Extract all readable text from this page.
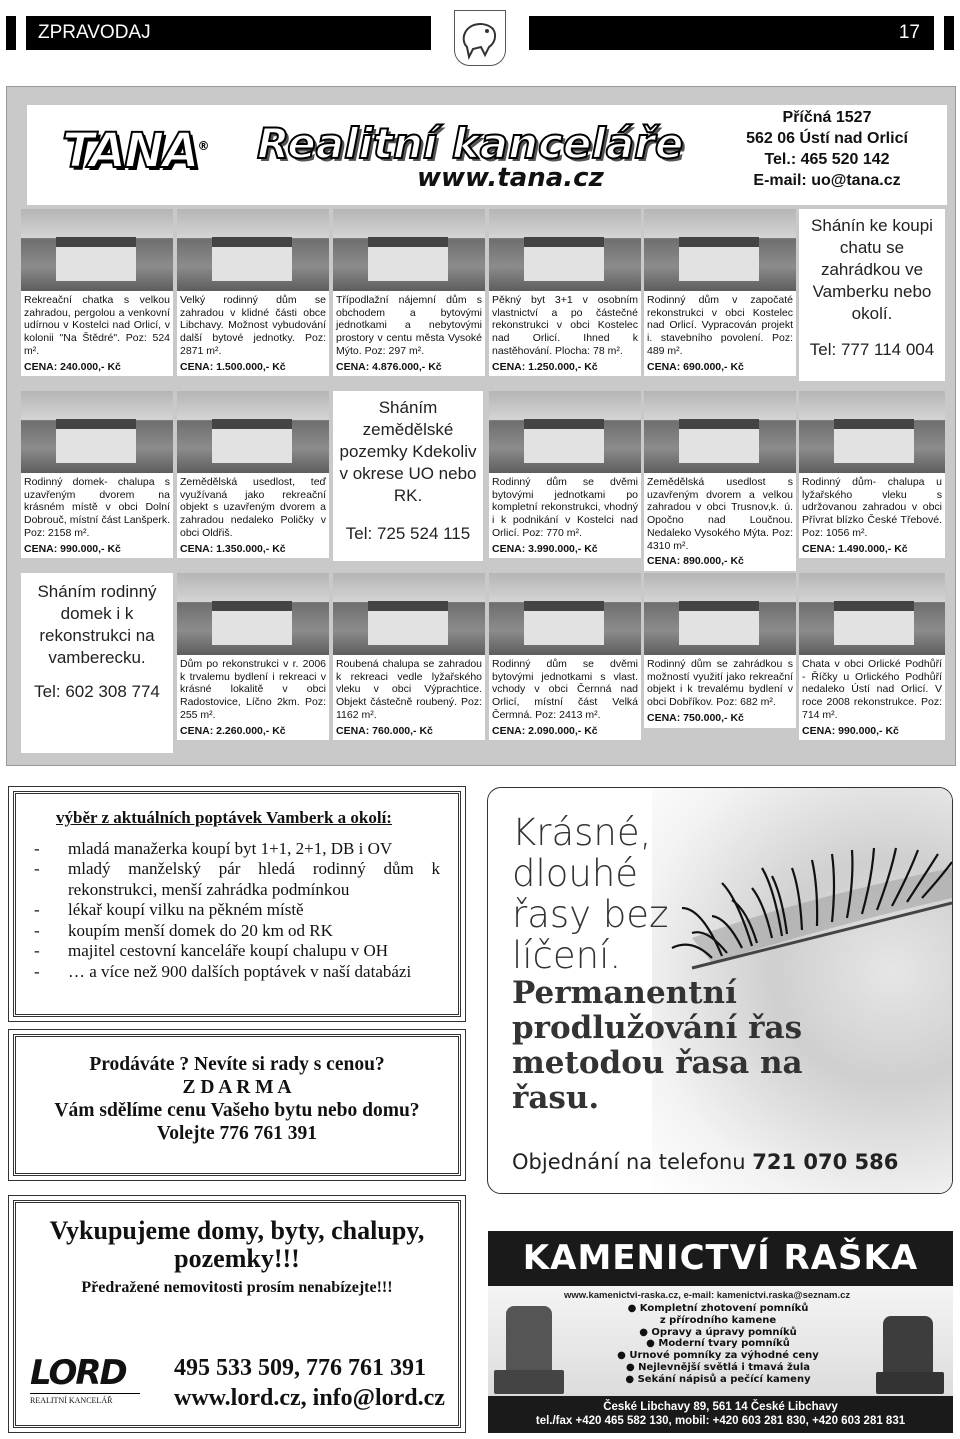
ZPRAVODAJ	17
TANA® Realitní kanceláře
www.tana.cz
Příčná 1527
562 06 Ústí nad Orlicí
Tel.: 465 520 142
E-mail: uo@tana.cz
Rekreační chatka s velkou zahradou, pergolou a venkovní udírnou v Kostelci nad Orlicí, v kolonii "Na Štědré". Poz: 524 m².
CENA: 240.000,- Kč
Velký rodinný dům se zahradou v klidné části obce Libchavy. Možnost vybudování další bytové jednotky. Poz: 2871 m².
CENA: 1.500.000,- Kč
Třípodlažní nájemní dům s obchodem a bytovými jednotkami a nebytovými prostory v centu města Vysoké Mýto. Poz: 297 m².
CENA: 4.876.000,- Kč
Pěkný byt 3+1 v osobním vlastnictví a po částečné rekonstrukci v obci Kostelec nad Orlicí. Ihned k nastěhování. Plocha: 78 m².
CENA: 1.250.000,- Kč
Rodinný dům v započaté rekonstrukci v obci Kostelec nad Orlicí. Vypracován projekt i. stavebního povolení. Poz: 489 m².
CENA: 690.000,- Kč
Shánín ke koupi chatu se zahrádkou ve Vamberku nebo okolí.
Tel: 777 114 004
Rodinný domek- chalupa s uzavřeným dvorem na krásném místě v obci Dolní Dobrouč, místní část Lanšperk. Poz: 2158 m².
CENA: 990.000,- Kč
Zemědělská usedlost, teď využívaná jako rekreační objekt s uzavřeným dvorem a zahradou nedaleko Poličky v obci Oldřiš.
CENA: 1.350.000,- Kč
Sháním zemědělské pozemky Kdekoliv v okrese UO nebo RK.
Tel: 725 524 115
Rodinný dům se dvěmi bytovými jednotkami po kompletní rekonstrukci, vhodný i k podnikání v Kostelci nad Orlicí. Poz: 770 m².
CENA: 3.990.000,- Kč
Zemědělská usedlost s uzavřeným dvorem a velkou zahradou v obci Trusnov,k. ú. Opočno nad Loučnou. Nedaleko Vysokého Mýta. Poz: 4310 m².
CENA: 890.000,- Kč
Rodinný dům- chalupa u lyžařského vleku s udržovanou zahradou v obci Přívrat blízko České Třebové. Poz: 1056 m².
CENA: 1.490.000,- Kč
Sháním rodinný domek i k rekonstrukci na vamberecku.
Tel: 602 308 774
Dům po rekonstrukci v r. 2006 k trvalemu bydlení i rekreaci v krásné lokalitě v obci Radostovice, Líčno 2km. Poz: 255 m².
CENA: 2.260.000,- Kč
Roubená chalupa se zahradou k rekreaci vedle lyžařského vleku v obci Výprachtice. Objekt částečně roubený. Poz: 1162 m².
CENA: 760.000,- Kč
Rodinný dům se dvěmi bytovými jednotkami s vlast. vchody v obci Černná nad Orlicí, místní část Velká Čermná. Poz: 2413 m².
CENA: 2.090.000,- Kč
Rodinný dům se zahrádkou s možností využití jako rekreační objekt i k trevalému bydlení v obci Dobříkov. Poz: 682 m².
CENA: 750.000,- Kč
Chata v obci Orlické Podhůří - Říčky u Orlického Podhůří nedaleko Ústí nad Orlicí. V roce 2008 rekonstrukce. Poz: 714 m².
CENA: 990.000,- Kč
výběr z aktuálních poptávek Vamberk a okolí:
-	mladá manažerka koupí byt 1+1, 2+1, DB i OV
-	mladý manželský pár hledá rodinný dům k rekonstrukci, menší zahrádka podmínkou
-	lékař koupí vilku na pěkném místě
-	koupím menší domek do 20 km od RK
-	majitel cestovní kanceláře koupí chalupu v OH
-	… a více než 900 dalších poptávek v naší databázi
Prodáváte ? Nevíte si rady s cenou?
Z D A R M A
Vám sdělíme cenu Vašeho bytu nebo domu?
Volejte 776 761 391
Vykupujeme domy, byty, chalupy, pozemky!!!
Předražené nemovitosti prosím nenabízejte!!!
LORD
REALITNÍ KANCELÁŘ
495 533 509, 776 761 391
www.lord.cz, info@lord.cz
Krásné, dlouhé řasy bez líčení.
Permanentní prodlužování řas metodou řasa na řasu.
Objednání na telefonu 721 070 586
KAMENICTVÍ RAŠKA
www.kamenictvi-raska.cz, e-mail: kamenictvi.raska@seznam.cz
● Kompletní zhotovení pomníků
z přírodního kamene
● Opravy a úpravy pomníků
● Moderní tvary pomníků
● Urnové pomníky za výhodné ceny
● Nejlevnější světlá i tmavá žula
● Sekání nápisů a pečící kameny
České Libchavy 89, 561 14 České Libchavy
tel./fax +420 465 582 130, mobil: +420 603 281 830, +420 603 281 831
